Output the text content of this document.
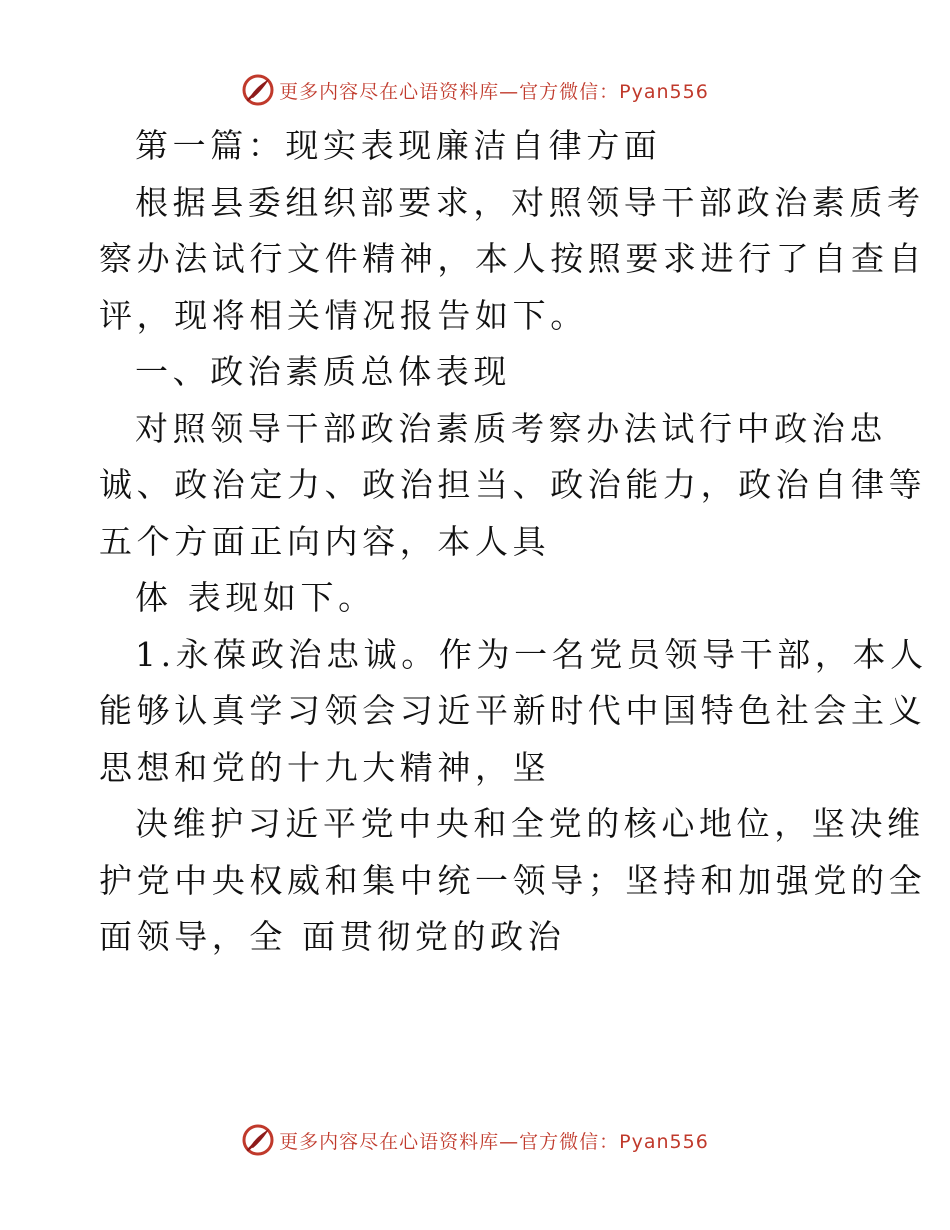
更多内容尽在心语资料库—官方微信：Pyan556
第一篇：现实表现廉洁自律方面
根据县委组织部要求，对照领导干部政治素质考
察办法试行文件精神，本人按照要求进行了自查自
评，现将相关情况报告如下。
一、政治素质总体表现
对照领导干部政治素质考察办法试行中政治忠
诚、政治定力、政治担当、政治能力，政治自律等
五个方面正向内容，本人具
体 表现如下。
1.永葆政治忠诚。作为一名党员领导干部，本人
能够认真学习领会习近平新时代中国特色社会主义
思想和党的十九大精神，坚
决维护习近平党中央和全党的核心地位，坚决维
护党中央权威和集中统一领导；坚持和加强党的全
面领导，全 面贯彻党的政治
更多内容尽在心语资料库—官方微信：Pyan556
